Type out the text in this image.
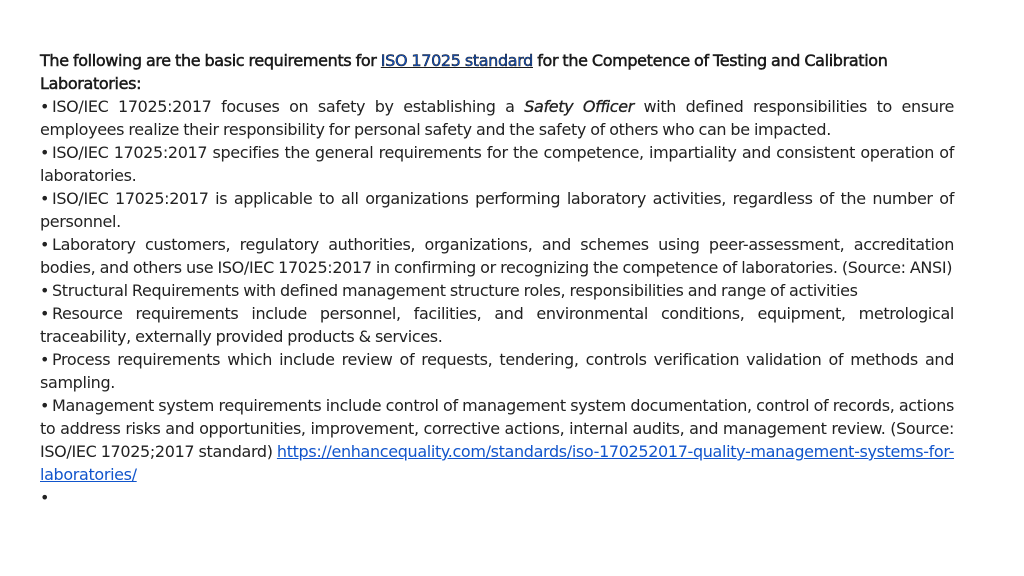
The following are the basic requirements for ISO 17025 standard for the Competence of Testing and Calibration Laboratories:

• ISO/IEC 17025:2017 focuses on safety by establishing a Safety Officer with defined responsibilities to ensure employees realize their responsibility for personal safety and the safety of others who can be impacted.
• ISO/IEC 17025:2017 specifies the general requirements for the competence, impartiality and consistent operation of laboratories.
• ISO/IEC 17025:2017 is applicable to all organizations performing laboratory activities, regardless of the number of personnel.
• Laboratory customers, regulatory authorities, organizations, and schemes using peer-assessment, accreditation bodies, and others use ISO/IEC 17025:2017 in confirming or recognizing the competence of laboratories. (Source: ANSI)
• Structural Requirements with defined management structure roles, responsibilities and range of activities
• Resource requirements include personnel, facilities, and environmental conditions, equipment, metrological traceability, externally provided products & services.
• Process requirements which include review of requests, tendering, controls verification validation of methods and sampling.
• Management system requirements include control of management system documentation, control of records, actions to address risks and opportunities, improvement, corrective actions, internal audits, and management review. (Source: ISO/IEC 17025;2017 standard) https://enhancequality.com/standards/iso-170252017-quality-management-systems-for-laboratories/
•
